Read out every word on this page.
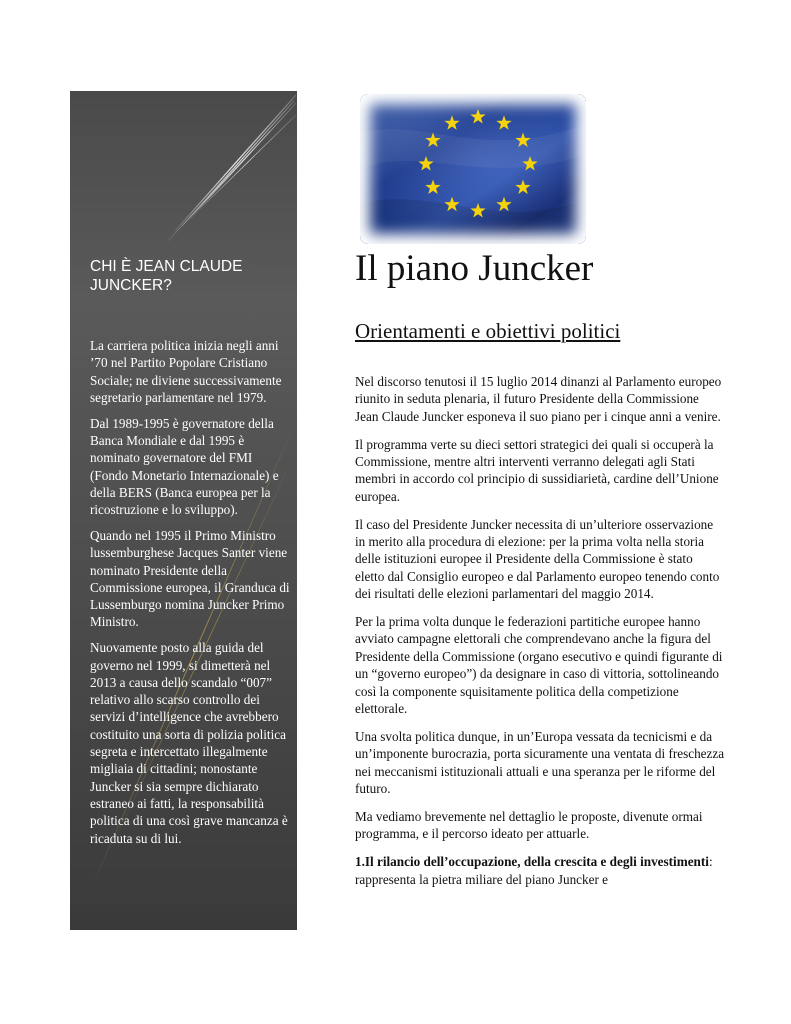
CHI È JEAN CLAUDE JUNCKER?

La carriera politica inizia negli anni ’70 nel Partito Popolare Cristiano Sociale; ne diviene successivamente segretario parlamentare nel 1979.

Dal 1989-1995 è governatore della Banca Mondiale e dal 1995 è nominato governatore del FMI (Fondo Monetario Internazionale) e della BERS (Banca europea per la ricostruzione e lo sviluppo).

Quando nel 1995 il Primo Ministro lussemburghese Jacques Santer viene nominato Presidente della Commissione europea, il Granduca di Lussemburgo nomina Juncker Primo Ministro.

Nuovamente posto alla guida del governo nel 1999, si dimetterà nel 2013 a causa dello scandalo “007” relativo allo scarso controllo dei servizi d’intelligence che avrebbero costituito una sorta di polizia politica segreta e intercettato illegalmente migliaia di cittadini; nonostante Juncker si sia sempre dichiarato estraneo ai fatti, la responsabilità politica di una così grave mancanza è ricaduta su di lui.

Il piano Juncker
Orientamenti e obiettivi politici

Nel discorso tenutosi il 15 luglio 2014 dinanzi al Parlamento europeo riunito in seduta plenaria, il futuro Presidente della Commissione Jean Claude Juncker esponeva il suo piano per i cinque anni a venire.

Il programma verte su dieci settori strategici dei quali si occuperà la Commissione, mentre altri interventi verranno delegati agli Stati membri in accordo col principio di sussidiarietà, cardine dell’Unione europea.

Il caso del Presidente Juncker necessita di un’ulteriore osservazione in merito alla procedura di elezione: per la prima volta nella storia delle istituzioni europee il Presidente della Commissione è stato eletto dal Consiglio europeo e dal Parlamento europeo tenendo conto dei risultati delle elezioni parlamentari del maggio 2014.

Per la prima volta dunque le federazioni partitiche europee hanno avviato campagne elettorali che comprendevano anche la figura del Presidente della Commissione (organo esecutivo e quindi figurante di un “governo europeo”) da designare in caso di vittoria, sottolineando così la componente squisitamente politica della competizione elettorale.

Una svolta politica dunque, in un’Europa vessata da tecnicismi e da un’imponente burocrazia, porta sicuramente una ventata di freschezza nei meccanismi istituzionali attuali e una speranza per le riforme del futuro.

Ma vediamo brevemente nel dettaglio le proposte, divenute ormai programma, e il percorso ideato per attuarle.

1.Il rilancio dell’occupazione, della crescita e degli investimenti: rappresenta la pietra miliare del piano Juncker e
